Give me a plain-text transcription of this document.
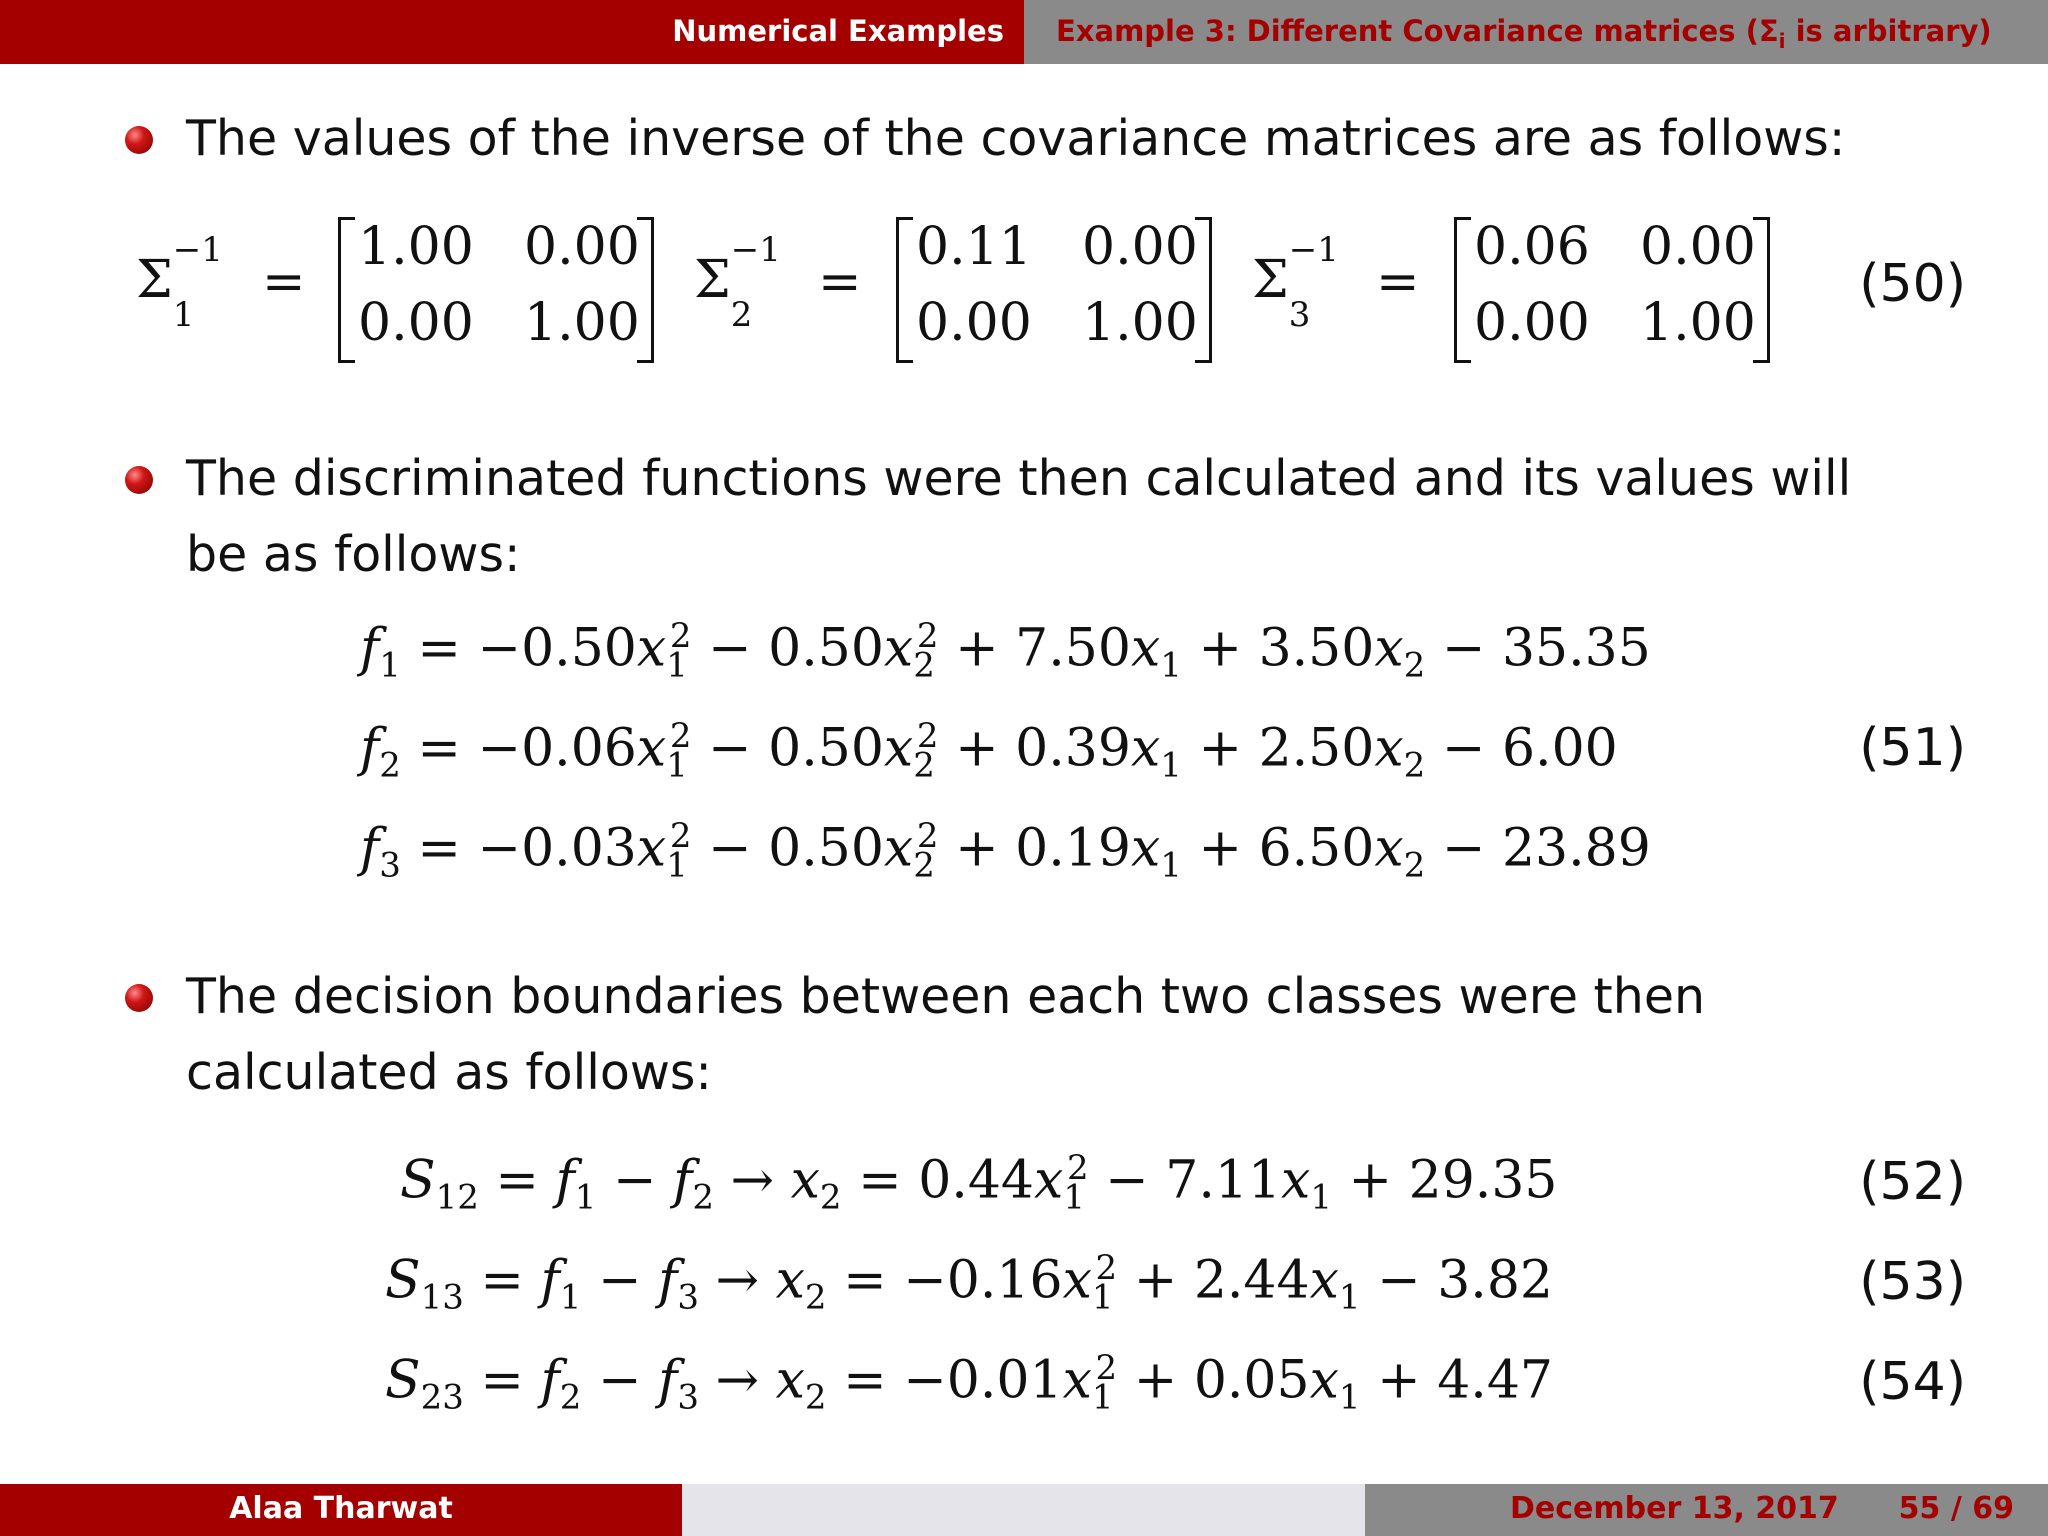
Numerical Examples Example 3: Different Covariance matrices ($\Sigma_i$ is arbitrary)
The values of the inverse of the covariance matrices are as follows:
Σ −1
$_1$
=
1.00 0.00
0.00 1.00
Σ −1
$_2$
=
0.11 0.00
0.00 1.00
Σ −1
$_3$
=
0.06 0.00
0.00 1.00
(50)
The discriminated functions were then calculated and its values will
be as follows:
$f_1 = -0.50x_1^2 - 0.50x_2^2 + 7.50x_1 + 3.50x_2 - 35.35$
$f_2 = -0.06x_1^2 - 0.50x_2^2 + 0.39x_1 + 2.50x_2 - 6.00$
$f_3 = -0.03x_1^2 - 0.50x_2^2 + 0.19x_1 + 6.50x_2 - 23.89$
(51)
The decision boundaries between each two classes were then
calculated as follows:
$S_{12} = f_1 - f_2 \to x_2 = 0.44x_1^2 - 7.11x_1 + 29.35$	(52)
$S_{13} = f_1 - f_3 \to x_2 = -0.16x_1^2 + 2.44x_1 - 3.82$	(53)
$S_{23} = f_2 - f_3 \to x_2 = -0.01x_1^2 + 0.05x_1 + 4.47$	(54)
Alaa Tharwat	December 13, 2017 55 / 69
